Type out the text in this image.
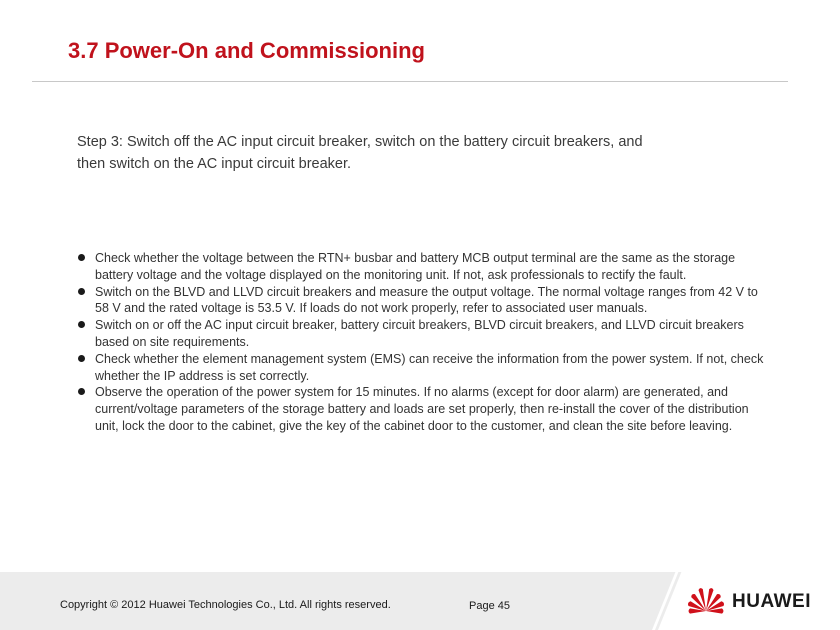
3.7 Power-On and Commissioning

Step 3: Switch off the AC input circuit breaker, switch on the battery circuit breakers, and
then switch on the AC input circuit breaker.

Check whether the voltage between the RTN+ busbar and battery MCB output terminal are the same as the storage battery voltage and the voltage displayed on the monitoring unit. If not, ask professionals to rectify the fault.
Switch on the BLVD and LLVD circuit breakers and measure the output voltage. The normal voltage ranges from 42 V to 58 V and the rated voltage is 53.5 V. If loads do not work properly, refer to associated user manuals.
Switch on or off the AC input circuit breaker, battery circuit breakers, BLVD circuit breakers, and LLVD circuit breakers based on site requirements.
Check whether the element management system (EMS) can receive the information from the power system. If not, check whether the IP address is set correctly.
Observe the operation of the power system for 15 minutes. If no alarms (except for door alarm) are generated, and current/voltage parameters of the storage battery and loads are set properly, then re-install the cover of the distribution unit, lock the door to the cabinet, give the key of the cabinet door to the customer, and clean the site before leaving.
Copyright © 2012 Huawei Technologies Co., Ltd. All rights reserved.	Page 45	HUAWEI
